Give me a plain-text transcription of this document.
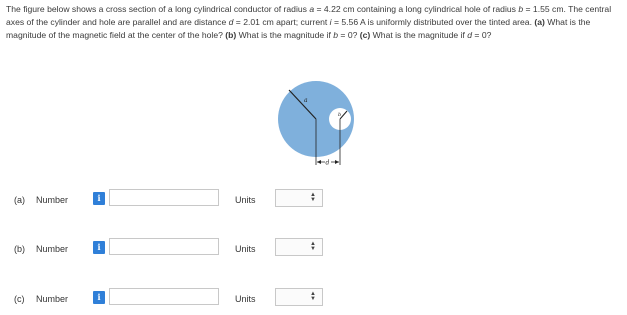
The figure below shows a cross section of a long cylindrical conductor of radius a = 4.22 cm containing a long cylindrical hole of radius b = 1.55 cm. The central axes of the cylinder and hole are parallel and are distance d = 2.01 cm apart; current i = 5.56 A is uniformly distributed over the tinted area. (a) What is the magnitude of the magnetic field at the center of the hole? (b) What is the magnitude if b = 0? (c) What is the magnitude if d = 0?
a
b
d
(a) Number	i	Units	▲
▼
(b) Number	i	Units	▲
▼
(c) Number	i	Units	▲
▼
